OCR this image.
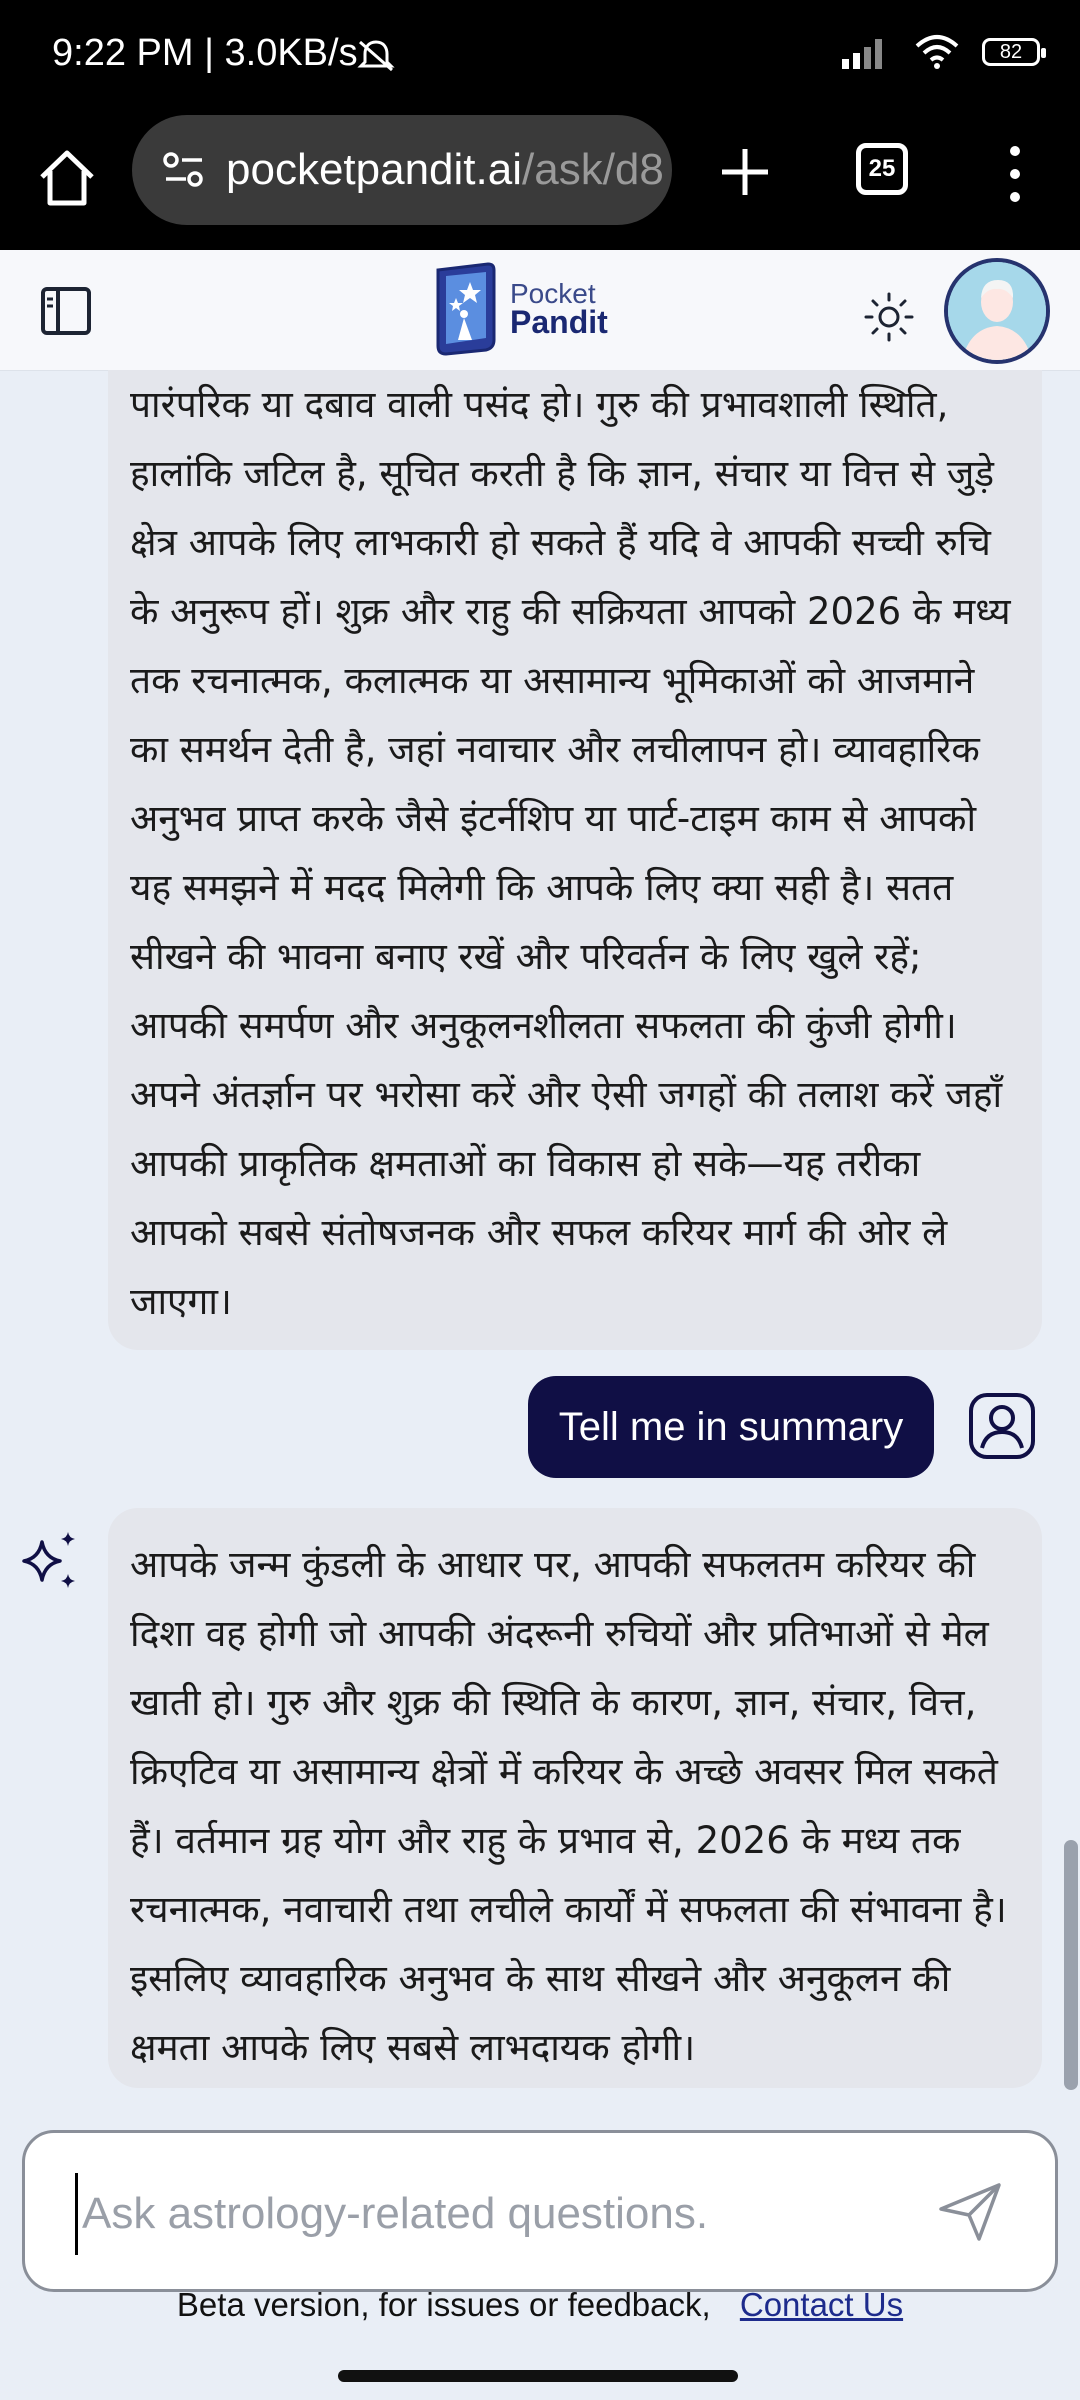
9:22 PM | 3.0KB/s	82
pocketpandit.ai/ask/d8	25
Pocket
Pandit
पारंपरिक या दबाव वाली पसंद हो। गुरु की प्रभावशाली स्थिति, हालांकि जटिल है, सूचित करती है कि ज्ञान, संचार या वित्त से जुड़े क्षेत्र आपके लिए लाभकारी हो सकते हैं यदि वे आपकी सच्ची रुचि के अनुरूप हों। शुक्र और राहु की सक्रियता आपको 2026 के मध्य तक रचनात्मक, कलात्मक या असामान्य भूमिकाओं को आजमाने का समर्थन देती है, जहां नवाचार और लचीलापन हो। व्यावहारिक अनुभव प्राप्त करके जैसे इंटर्नशिप या पार्ट-टाइम काम से आपको यह समझने में मदद मिलेगी कि आपके लिए क्या सही है। सतत सीखने की भावना बनाए रखें और परिवर्तन के लिए खुले रहें; आपकी समर्पण और अनुकूलनशीलता सफलता की कुंजी होगी। अपने अंतर्ज्ञान पर भरोसा करें और ऐसी जगहों की तलाश करें जहाँ आपकी प्राकृतिक क्षमताओं का विकास हो सके—यह तरीका आपको सबसे संतोषजनक और सफल करियर मार्ग की ओर ले जाएगा।
Tell me in summary
आपके जन्म कुंडली के आधार पर, आपकी सफलतम करियर की दिशा वह होगी जो आपकी अंदरूनी रुचियों और प्रतिभाओं से मेल खाती हो। गुरु और शुक्र की स्थिति के कारण, ज्ञान, संचार, वित्त, क्रिएटिव या असामान्य क्षेत्रों में करियर के अच्छे अवसर मिल सकते हैं। वर्तमान ग्रह योग और राहु के प्रभाव से, 2026 के मध्य तक रचनात्मक, नवाचारी तथा लचीले कार्यों में सफलता की संभावना है। इसलिए व्यावहारिक अनुभव के साथ सीखने और अनुकूलन की क्षमता आपके लिए सबसे लाभदायक होगी।
Ask astrology-related questions.
Beta version, for issues or feedback, Contact Us
